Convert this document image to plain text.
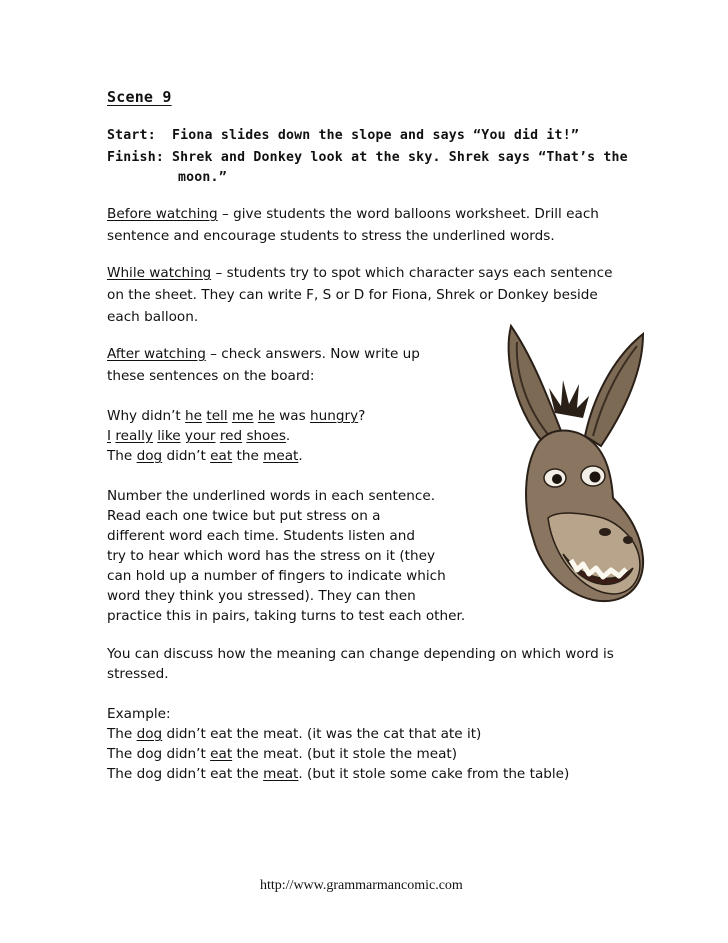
Scene 9
Start: Fiona slides down the slope and says “You did it!”
Finish: Shrek and Donkey look at the sky. Shrek says “That’s the
moon.”
Before watching – give students the word balloons worksheet. Drill each
sentence and encourage students to stress the underlined words.
While watching – students try to spot which character says each sentence
on the sheet. They can write F, S or D for Fiona, Shrek or Donkey beside
each balloon.
After watching – check answers. Now write up
these sentences on the board:
Why didn’t he tell me he was hungry?
I really like your red shoes.
The dog didn’t eat the meat.
Number the underlined words in each sentence.
Read each one twice but put stress on a
different word each time. Students listen and
try to hear which word has the stress on it (they
can hold up a number of fingers to indicate which
word they think you stressed). They can then
practice this in pairs, taking turns to test each other.
You can discuss how the meaning can change depending on which word is
stressed.
Example:
The dog didn’t eat the meat. (it was the cat that ate it)
The dog didn’t eat the meat. (but it stole the meat)
The dog didn’t eat the meat. (but it stole some cake from the table)
http://www.grammarmancomic.com
